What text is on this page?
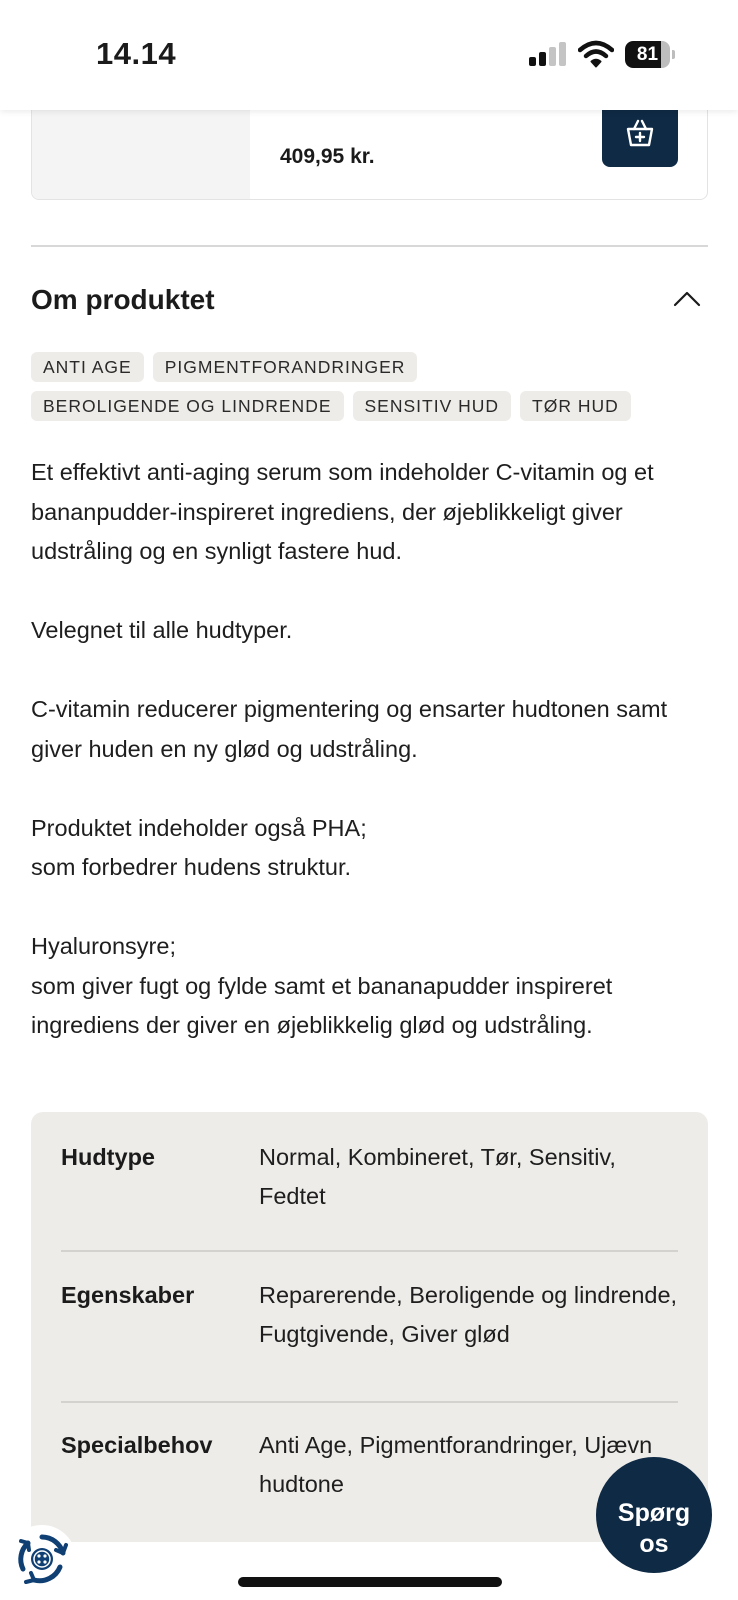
14.14	81
409,95 kr.
Om produktet
ANTI AGE	PIGMENTFORANDRINGER
BEROLIGENDE OG LINDRENDE	SENSITIV HUD	TØR HUD

Et effektivt anti-aging serum som indeholder C-vitamin og et bananpudder-inspireret ingrediens, der øjeblikkeligt giver udstråling og en synligt fastere hud.

Velegnet til alle hudtyper.

C-vitamin reducerer pigmentering og ensarter hudtonen samt giver huden en ny glød og udstråling.

Produktet indeholder også PHA;
som forbedrer hudens struktur.

Hyaluronsyre;
som giver fugt og fylde samt et bananapudder inspireret ingrediens der giver en øjeblikkelig glød og udstråling.

Hudtype	Normal, Kombineret, Tør, Sensitiv, Fedtet
Egenskaber	Reparerende, Beroligende og lindrende, Fugtgivende, Giver glød
Specialbehov	Anti Age, Pigmentforandringer, Ujævn hudtone
Spørg
os
